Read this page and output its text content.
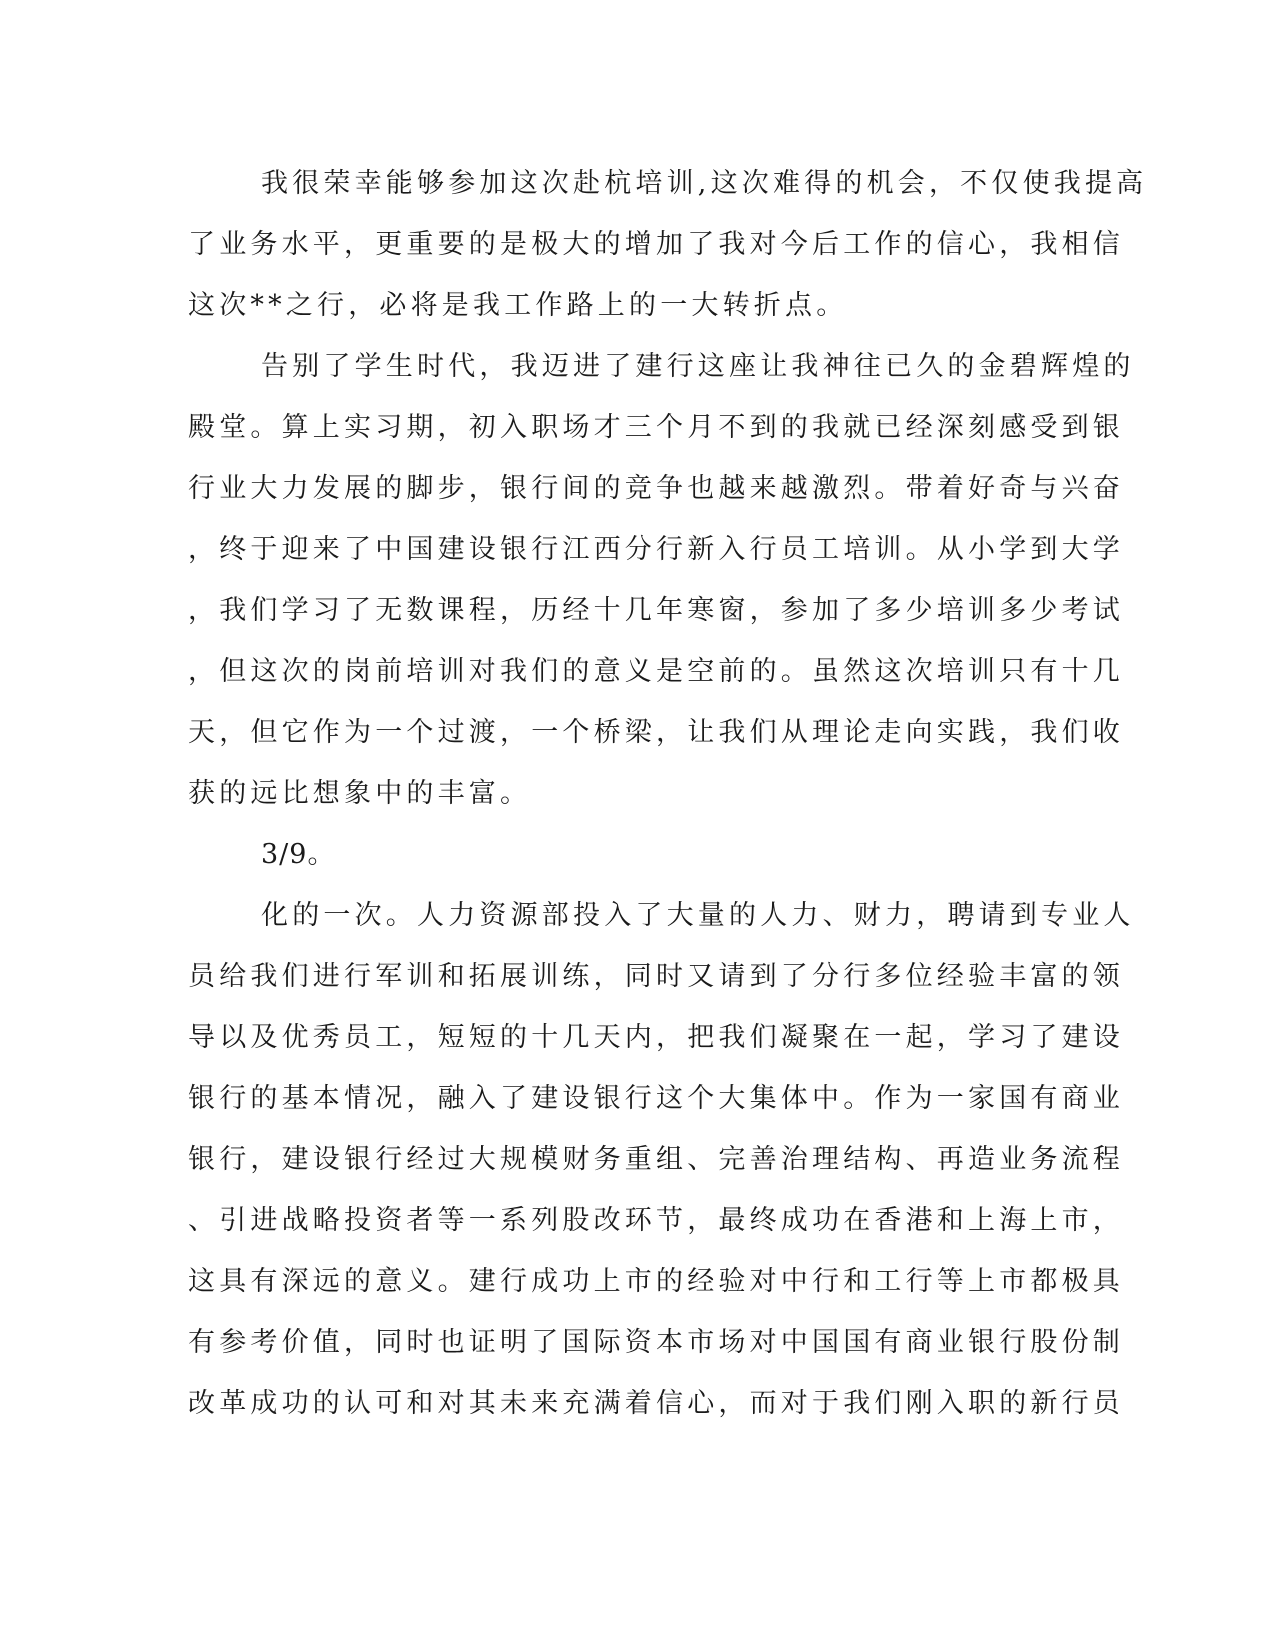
我很荣幸能够参加这次赴杭培训,这次难得的机会，不仅使我提高
了业务水平，更重要的是极大的增加了我对今后工作的信心，我相信
这次**之行，必将是我工作路上的一大转折点。
告别了学生时代，我迈进了建行这座让我神往已久的金碧辉煌的
殿堂。算上实习期，初入职场才三个月不到的我就已经深刻感受到银
行业大力发展的脚步，银行间的竞争也越来越激烈。带着好奇与兴奋
，终于迎来了中国建设银行江西分行新入行员工培训。从小学到大学
，我们学习了无数课程，历经十几年寒窗，参加了多少培训多少考试
，但这次的岗前培训对我们的意义是空前的。虽然这次培训只有十几
天，但它作为一个过渡，一个桥梁，让我们从理论走向实践，我们收
获的远比想象中的丰富。
3/9。
化的一次。人力资源部投入了大量的人力、财力，聘请到专业人
员给我们进行军训和拓展训练，同时又请到了分行多位经验丰富的领
导以及优秀员工，短短的十几天内，把我们凝聚在一起，学习了建设
银行的基本情况，融入了建设银行这个大集体中。作为一家国有商业
银行，建设银行经过大规模财务重组、完善治理结构、再造业务流程
、引进战略投资者等一系列股改环节，最终成功在香港和上海上市，
这具有深远的意义。建行成功上市的经验对中行和工行等上市都极具
有参考价值，同时也证明了国际资本市场对中国国有商业银行股份制
改革成功的认可和对其未来充满着信心，而对于我们刚入职的新行员
